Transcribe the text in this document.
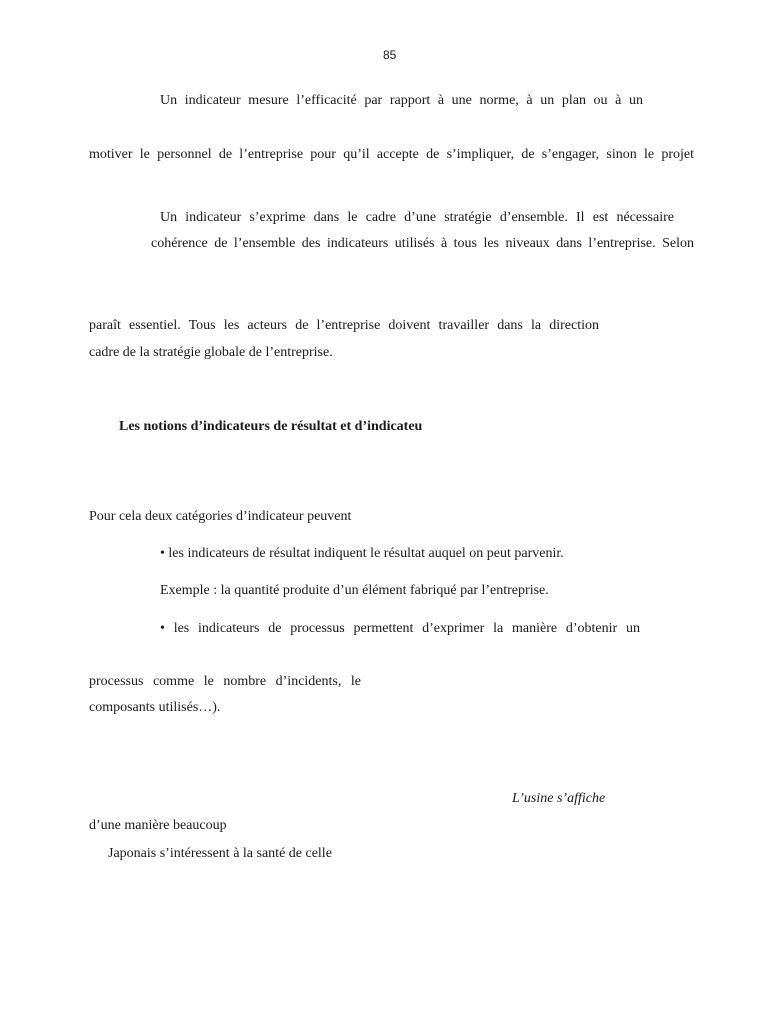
85
Un indicateur mesure l’efficacité par rapport à une norme, à un plan ou à un
motiver le personnel de l’entreprise pour qu’il accepte de s’impliquer, de s’engager, sinon le projet
Un indicateur s’exprime dans le cadre d’une stratégie d’ensemble. Il est nécessaire
cohérence de l’ensemble des indicateurs utilisés à tous les niveaux dans l’entreprise. Selon
paraît essentiel. Tous les acteurs de l’entreprise doivent travailler dans la direction
cadre de la stratégie globale de l’entreprise.
Les notions d’indicateurs de résultat et d’indicateu
Pour cela deux catégories d’indicateur peuvent
• les indicateurs de résultat indiquent le résultat auquel on peut parvenir.
Exemple : la quantité produite d’un élément fabriqué par l’entreprise.
• les indicateurs de processus permettent d’exprimer la manière d’obtenir un
processus comme le nombre d’incidents, le
composants utilisés…).
L’usine s’affiche
d’une manière beaucoup
Japonais s’intéressent à la santé de celle
